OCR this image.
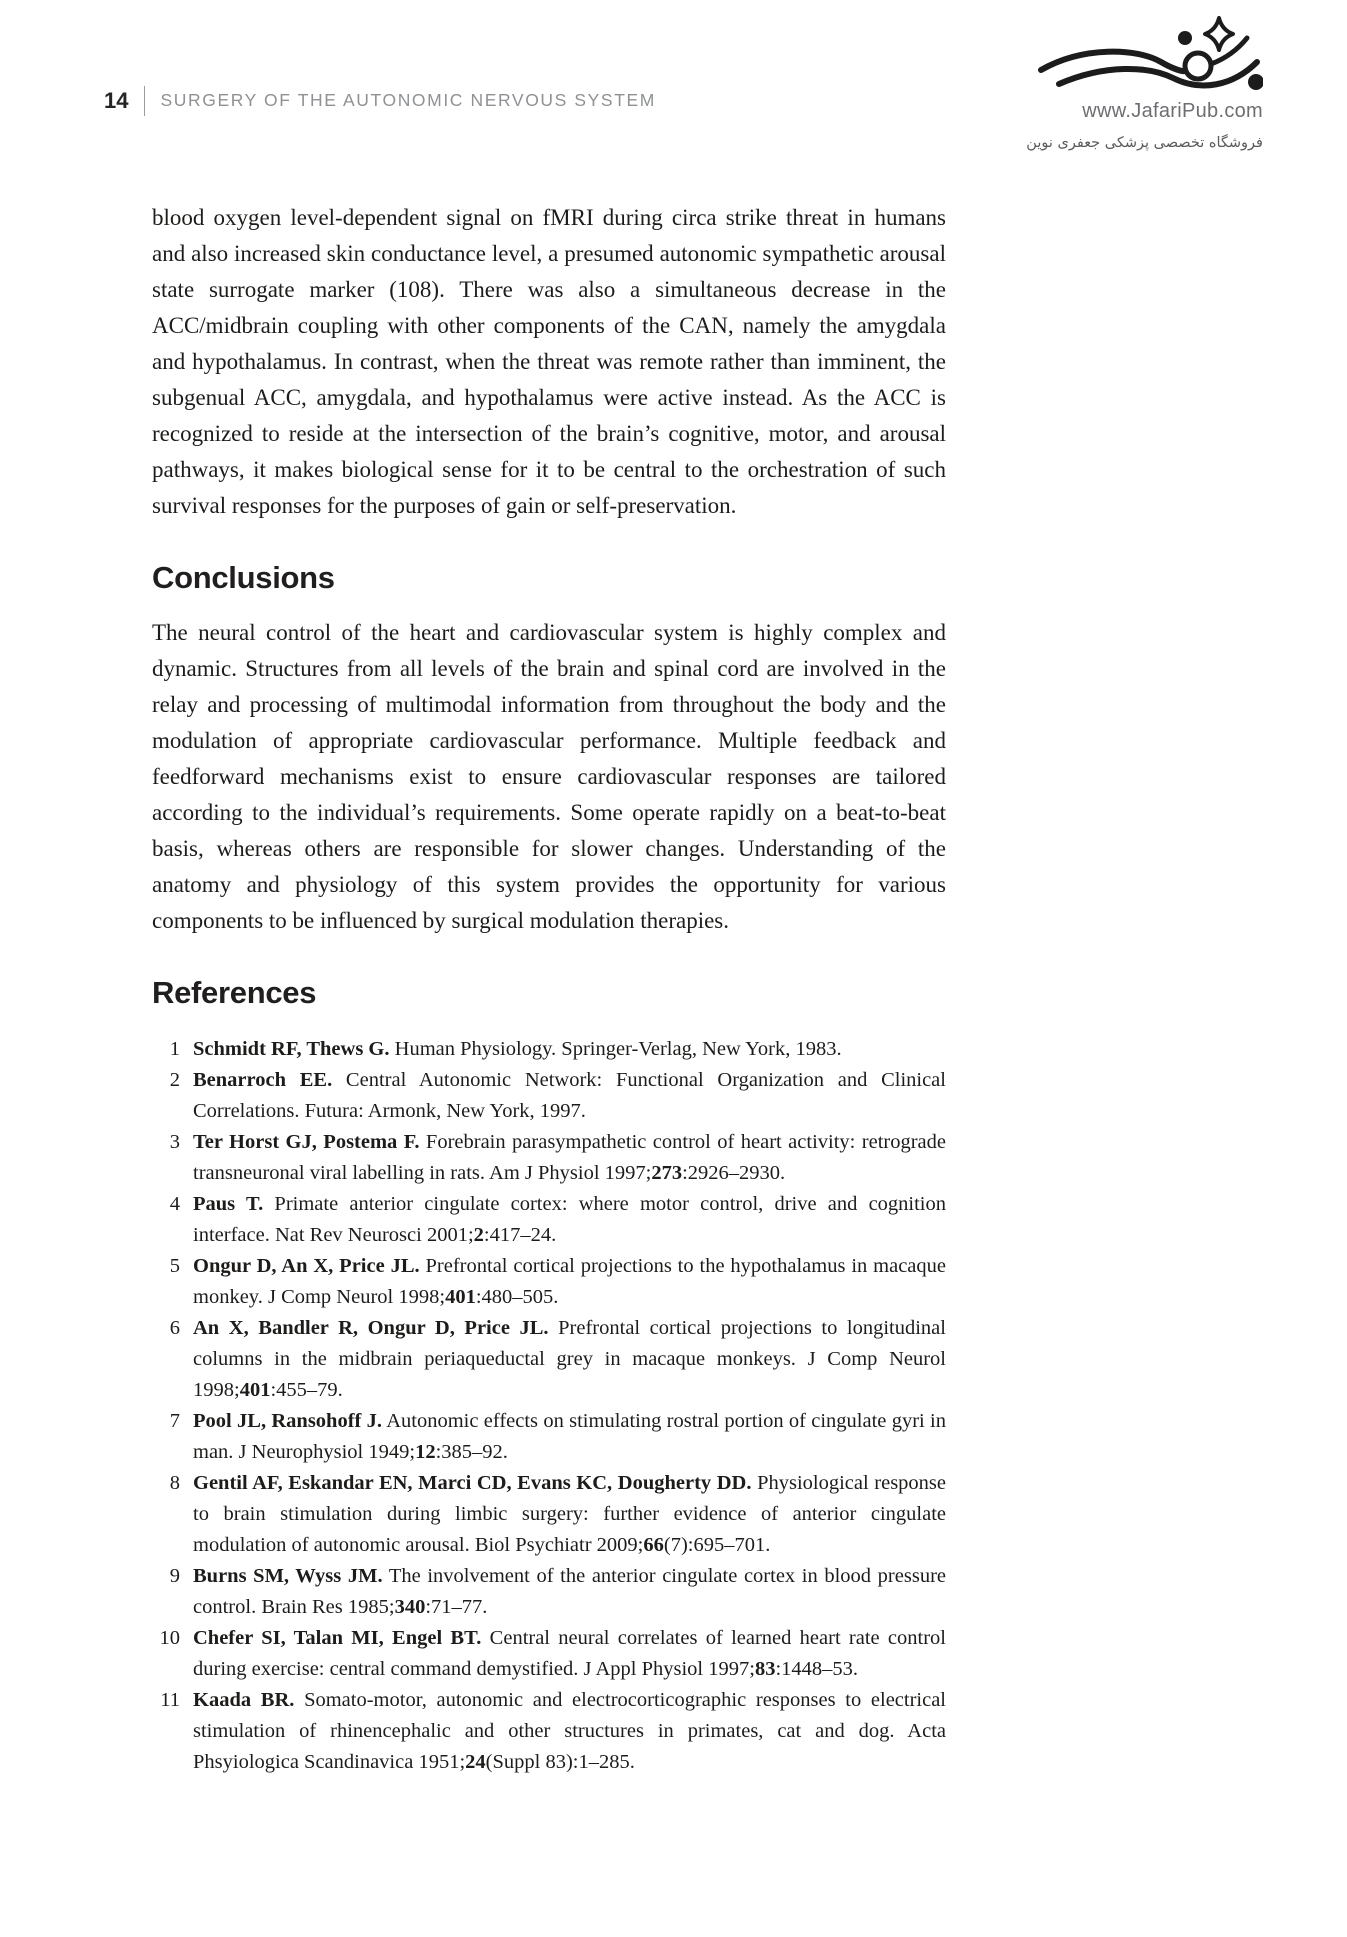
14 SURGERY OF THE AUTONOMIC NERVOUS SYSTEM	www.JafariPub.com
فروشگاه تخصصی پزشکی جعفری نوین

blood oxygen level-dependent signal on fMRI during circa strike threat in humans and also increased skin conductance level, a presumed autonomic sympathetic arousal state surrogate marker (108). There was also a simultaneous decrease in the ACC/midbrain coupling with other components of the CAN, namely the amygdala and hypothalamus. In contrast, when the threat was remote rather than imminent, the subgenual ACC, amygdala, and hypothalamus were active instead. As the ACC is recognized to reside at the intersection of the brain’s cognitive, motor, and arousal pathways, it makes biological sense for it to be central to the orchestration of such survival responses for the purposes of gain or self-preservation.

Conclusions

The neural control of the heart and cardiovascular system is highly complex and dynamic. Structures from all levels of the brain and spinal cord are involved in the relay and processing of multimodal information from throughout the body and the modulation of appropriate cardiovascular performance. Multiple feedback and feedforward mechanisms exist to ensure cardiovascular responses are tailored according to the individual’s requirements. Some operate rapidly on a beat-to-beat basis, whereas others are responsible for slower changes. Understanding of the anatomy and physiology of this system provides the opportunity for various components to be influenced by surgical modulation therapies.

References
1 Schmidt RF, Thews G. Human Physiology. Springer-Verlag, New York, 1983.
2 Benarroch EE. Central Autonomic Network: Functional Organization and Clinical Correlations. Futura: Armonk, New York, 1997.
3 Ter Horst GJ, Postema F. Forebrain parasympathetic control of heart activity: retrograde transneuronal viral labelling in rats. Am J Physiol 1997;273:2926–2930.
4 Paus T. Primate anterior cingulate cortex: where motor control, drive and cognition interface. Nat Rev Neurosci 2001;2:417–24.
5 Ongur D, An X, Price JL. Prefrontal cortical projections to the hypothalamus in macaque monkey. J Comp Neurol 1998;401:480–505.
6 An X, Bandler R, Ongur D, Price JL. Prefrontal cortical projections to longitudinal columns in the midbrain periaqueductal grey in macaque monkeys. J Comp Neurol 1998;401:455–79.
7 Pool JL, Ransohoff J. Autonomic effects on stimulating rostral portion of cingulate gyri in man. J Neurophysiol 1949;12:385–92.
8 Gentil AF, Eskandar EN, Marci CD, Evans KC, Dougherty DD. Physiological response to brain stimulation during limbic surgery: further evidence of anterior cingulate modulation of autonomic arousal. Biol Psychiatr 2009;66(7):695–701.
9 Burns SM, Wyss JM. The involvement of the anterior cingulate cortex in blood pressure control. Brain Res 1985;340:71–77.
10 Chefer SI, Talan MI, Engel BT. Central neural correlates of learned heart rate control during exercise: central command demystified. J Appl Physiol 1997;83:1448–53.
11 Kaada BR. Somato-motor, autonomic and electrocorticographic responses to electrical stimulation of rhinencephalic and other structures in primates, cat and dog. Acta Phsyiologica Scandinavica 1951;24(Suppl 83):1–285.
